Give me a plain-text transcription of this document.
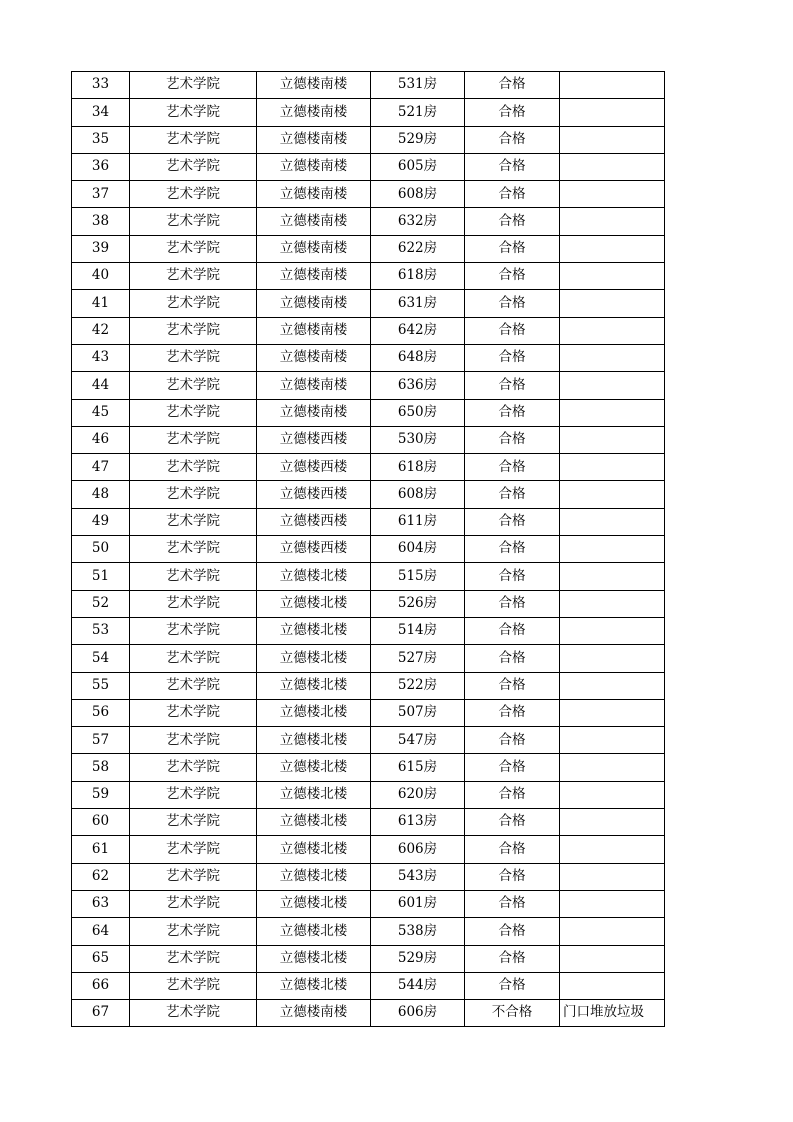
33	艺术学院	立德楼南楼	531房	合格	
34	艺术学院	立德楼南楼	521房	合格	
35	艺术学院	立德楼南楼	529房	合格	
36	艺术学院	立德楼南楼	605房	合格	
37	艺术学院	立德楼南楼	608房	合格	
38	艺术学院	立德楼南楼	632房	合格	
39	艺术学院	立德楼南楼	622房	合格	
40	艺术学院	立德楼南楼	618房	合格	
41	艺术学院	立德楼南楼	631房	合格	
42	艺术学院	立德楼南楼	642房	合格	
43	艺术学院	立德楼南楼	648房	合格	
44	艺术学院	立德楼南楼	636房	合格	
45	艺术学院	立德楼南楼	650房	合格	
46	艺术学院	立德楼西楼	530房	合格	
47	艺术学院	立德楼西楼	618房	合格	
48	艺术学院	立德楼西楼	608房	合格	
49	艺术学院	立德楼西楼	611房	合格	
50	艺术学院	立德楼西楼	604房	合格	
51	艺术学院	立德楼北楼	515房	合格	
52	艺术学院	立德楼北楼	526房	合格	
53	艺术学院	立德楼北楼	514房	合格	
54	艺术学院	立德楼北楼	527房	合格	
55	艺术学院	立德楼北楼	522房	合格	
56	艺术学院	立德楼北楼	507房	合格	
57	艺术学院	立德楼北楼	547房	合格	
58	艺术学院	立德楼北楼	615房	合格	
59	艺术学院	立德楼北楼	620房	合格	
60	艺术学院	立德楼北楼	613房	合格	
61	艺术学院	立德楼北楼	606房	合格	
62	艺术学院	立德楼北楼	543房	合格	
63	艺术学院	立德楼北楼	601房	合格	
64	艺术学院	立德楼北楼	538房	合格	
65	艺术学院	立德楼北楼	529房	合格	
66	艺术学院	立德楼北楼	544房	合格	
67	艺术学院	立德楼南楼	606房	不合格	门口堆放垃圾
